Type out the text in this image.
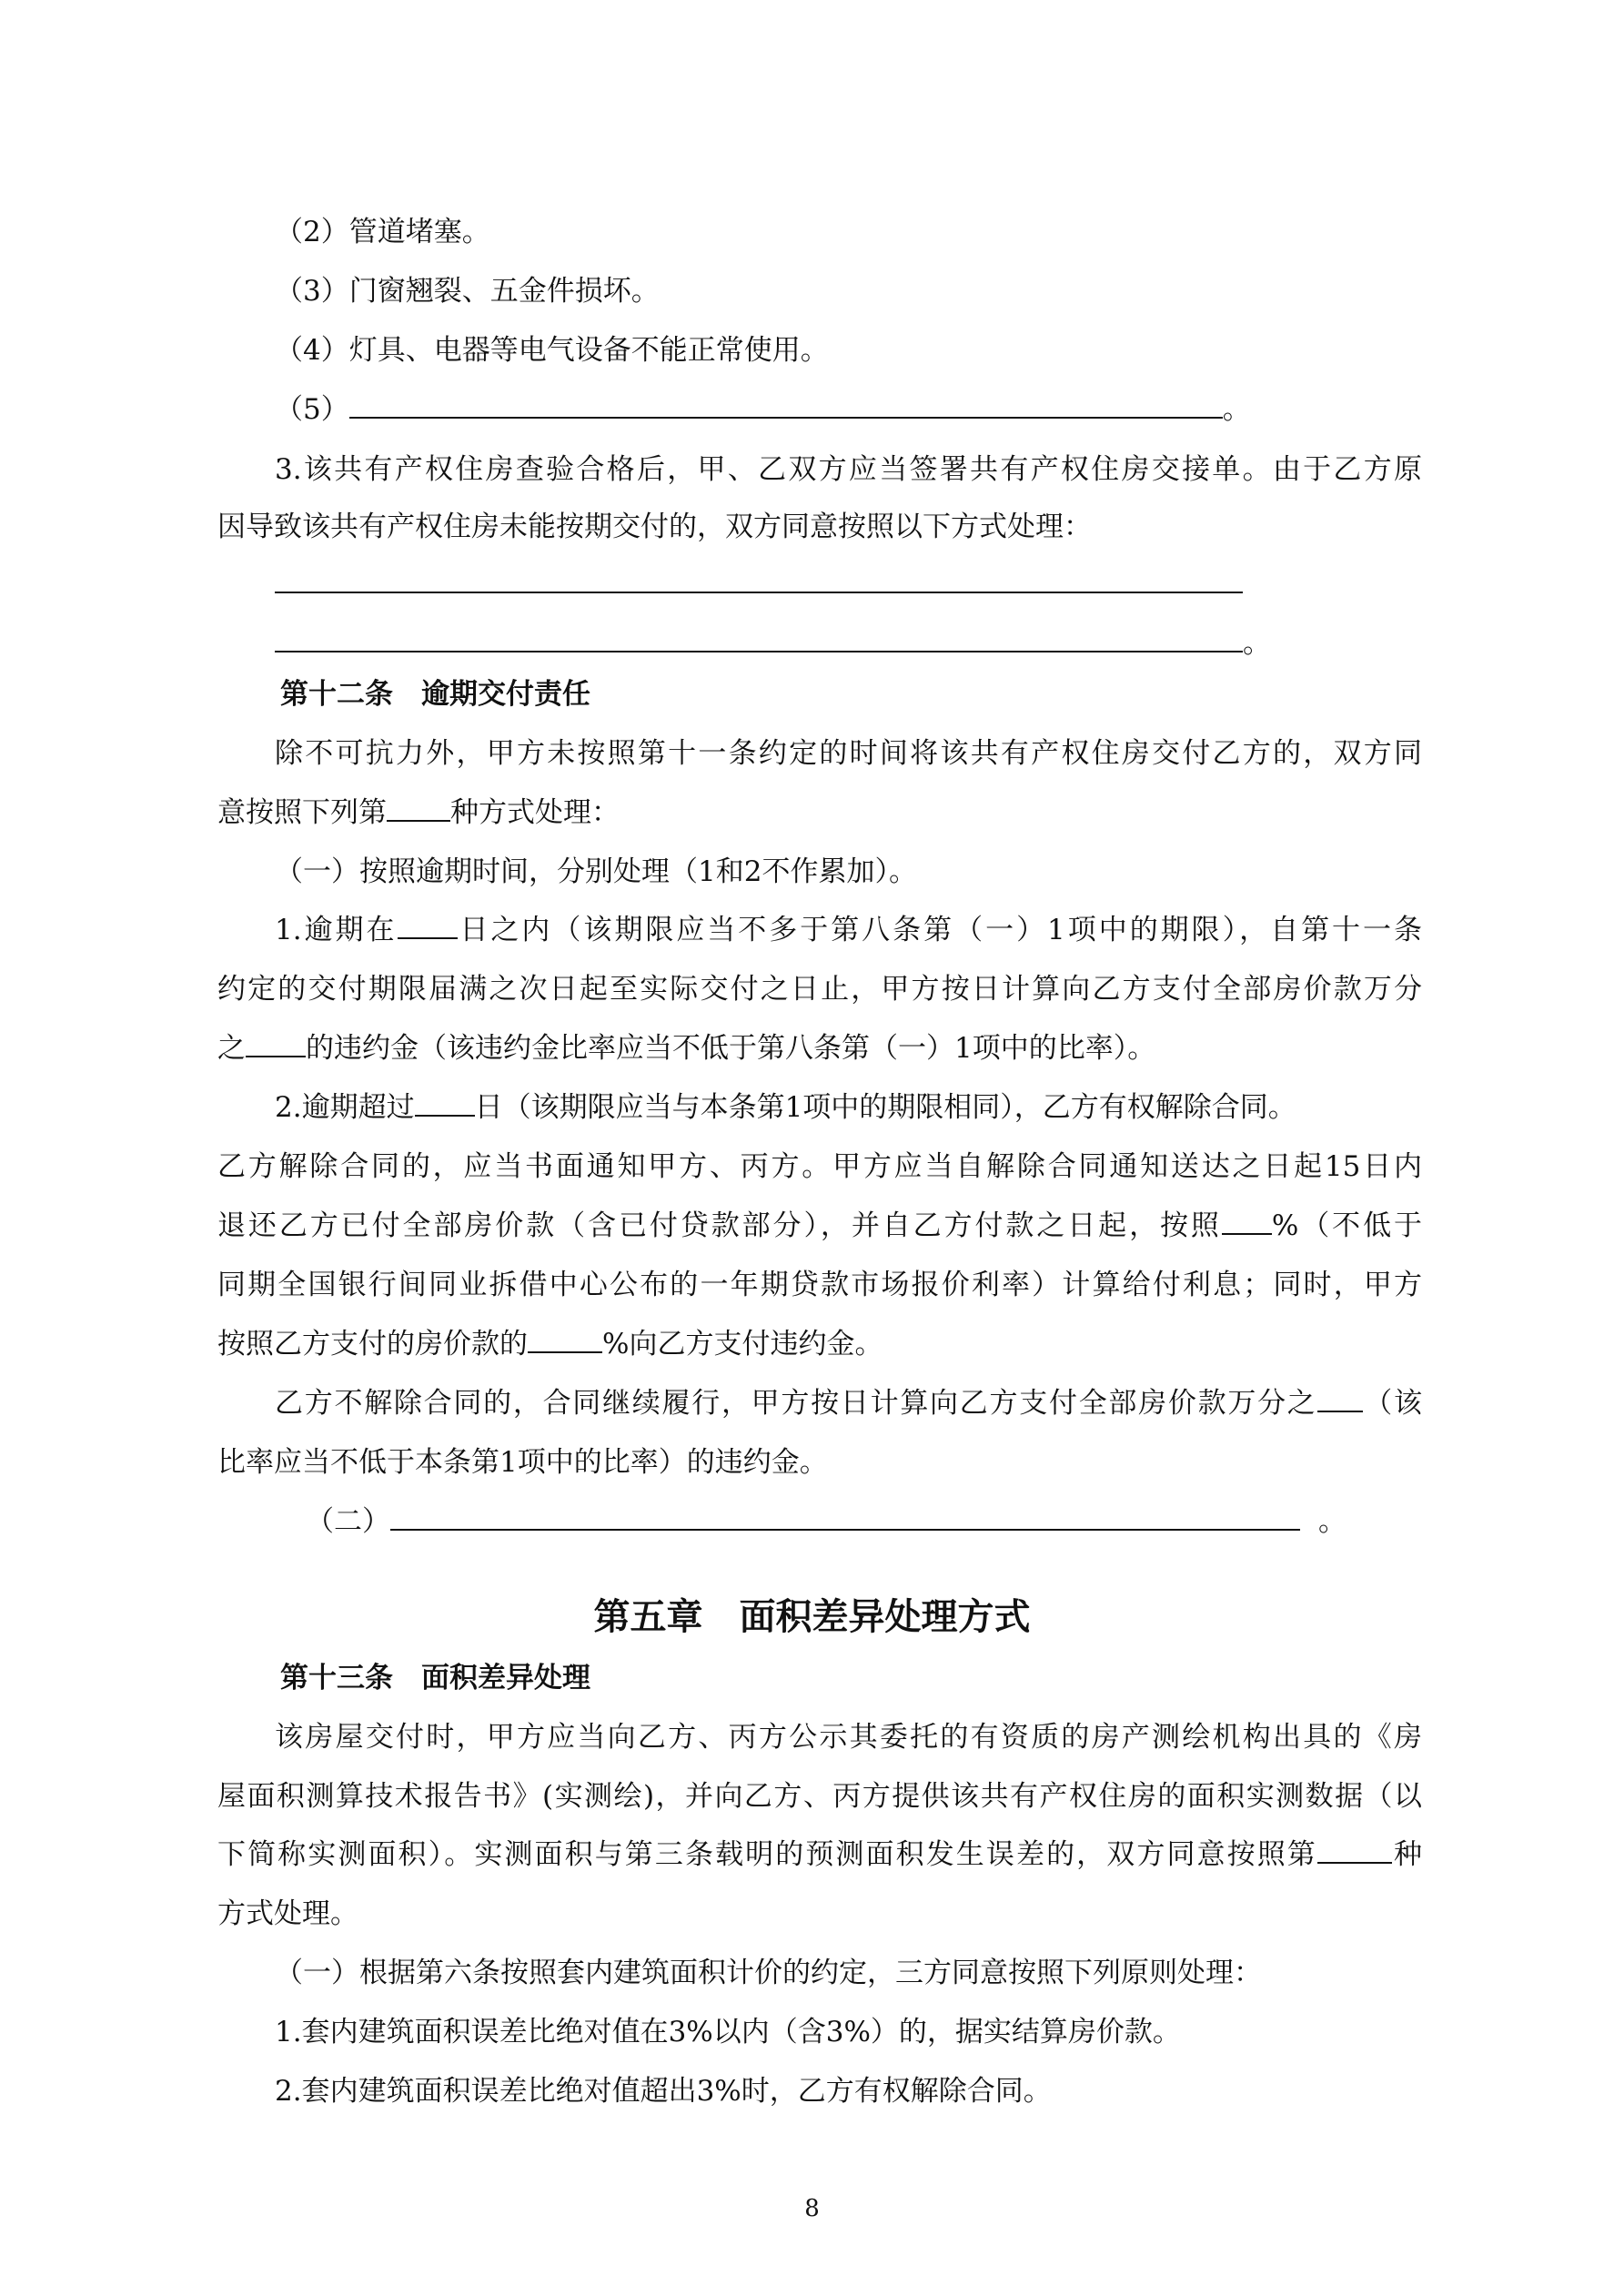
（2）管道堵塞。
（3）门窗翘裂、五金件损坏。
（4）灯具、电器等电气设备不能正常使用。
（5）	。
3.该共有产权住房查验合格后，甲、乙双方应当签署共有产权住房交接单。由于乙方原
因导致该共有产权住房未能按期交付的，双方同意按照以下方式处理：
。
第十二条　逾期交付责任
除不可抗力外，甲方未按照第十一条约定的时间将该共有产权住房交付乙方的，双方同
意按照下列第 种方式处理：
（一）按照逾期时间，分别处理（1和2不作累加）。
1.逾期在 日之内（该期限应当不多于第八条第（一）1项中的期限），自第十一条
约定的交付期限届满之次日起至实际交付之日止，甲方按日计算向乙方支付全部房价款万分
之 的违约金（该违约金比率应当不低于第八条第（一）1项中的比率）。
2.逾期超过 日（该期限应当与本条第1项中的期限相同），乙方有权解除合同。
乙方解除合同的，应当书面通知甲方、丙方。甲方应当自解除合同通知送达之日起15日内
退还乙方已付全部房价款（含已付贷款部分），并自乙方付款之日起，按照 %（不低于
同期全国银行间同业拆借中心公布的一年期贷款市场报价利率）计算给付利息；同时，甲方
按照乙方支付的房价款的	%向乙方支付违约金。
乙方不解除合同的，合同继续履行，甲方按日计算向乙方支付全部房价款万分之 （该
比率应当不低于本条第1项中的比率）的违约金。
（二）	。
第五章　面积差异处理方式
第十三条　面积差异处理
该房屋交付时，甲方应当向乙方、丙方公示其委托的有资质的房产测绘机构出具的《房
屋面积测算技术报告书》(实测绘)，并向乙方、丙方提供该共有产权住房的面积实测数据（以
下简称实测面积）。实测面积与第三条载明的预测面积发生误差的，双方同意按照第	种
方式处理。
（一）根据第六条按照套内建筑面积计价的约定，三方同意按照下列原则处理：
1.套内建筑面积误差比绝对值在3%以内（含3%）的，据实结算房价款。
2.套内建筑面积误差比绝对值超出3%时，乙方有权解除合同。
8
